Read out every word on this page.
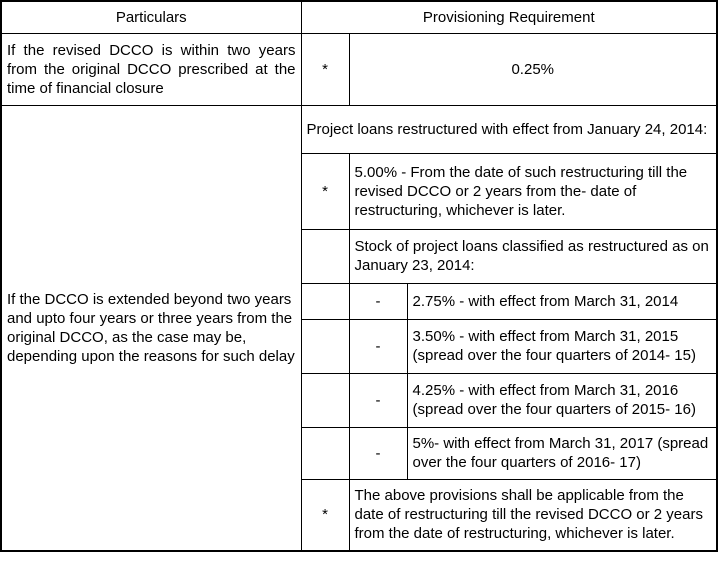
Particulars	Provisioning Requirement		
If the revised DCCO is within two years from the original DCCO prescribed at the time of financial closure	*	0.25%	
If the DCCO is extended beyond two years and upto four years or three years from the original DCCO, as the case may be, depending upon the reasons for such delay	Project loans restructured with effect from January 24, 2014:		
	*	5.00% - From the date of such restructuring till the revised DCCO or 2 years from the- date of restructuring, whichever is later.	
		Stock of project loans classified as restructured as on January 23, 2014:	
		-	2.75% - with effect from March 31, 2014
		-	3.50% - with effect from March 31, 2015 (spread over the four quarters of 2014- 15)
		-	4.25% - with effect from March 31, 2016 (spread over the four quarters of 2015- 16)
		-	5%- with effect from March 31, 2017 (spread over the four quarters of 2016- 17)
	*	The above provisions shall be applicable from the date of restructuring till the revised DCCO or 2 years from the date of restructuring, whichever is later.	
